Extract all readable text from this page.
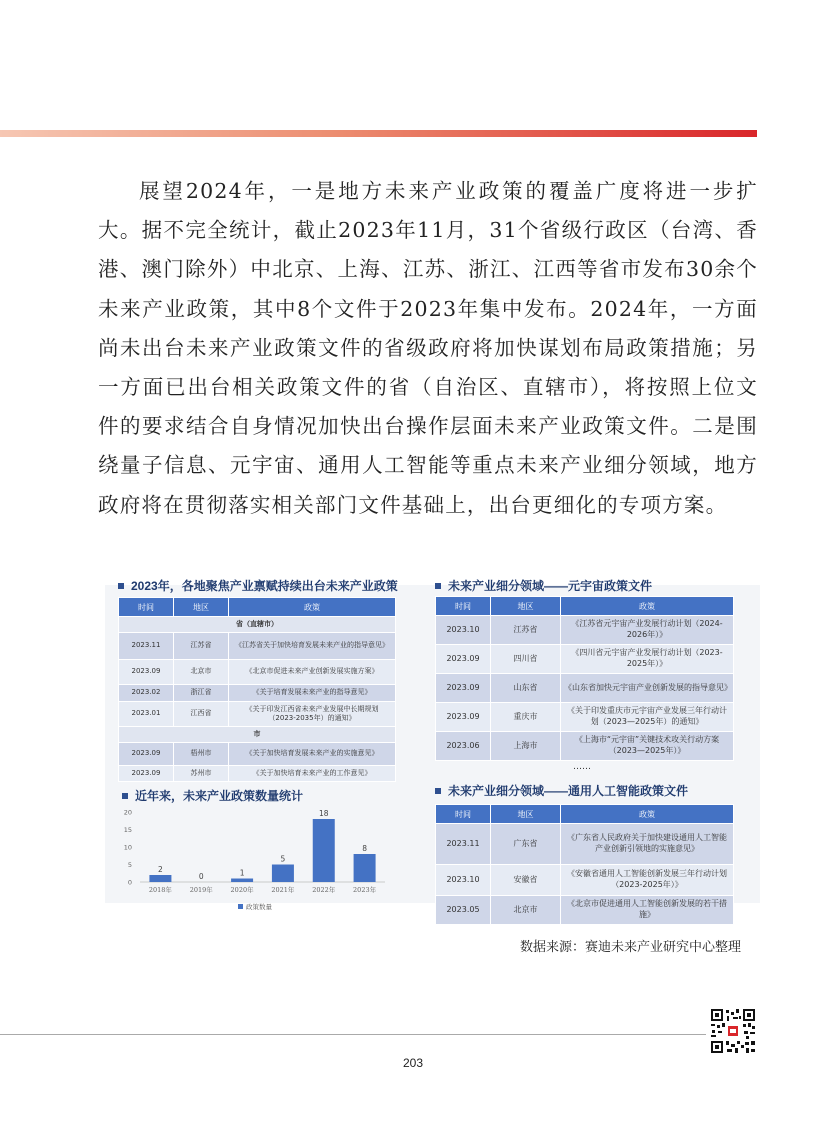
展望2024年，一是地方未来产业政策的覆盖广度将进一步扩大。据不完全统计，截止2023年11月，31个省级行政区（台湾、香港、澳门除外）中北京、上海、江苏、浙江、江西等省市发布30余个未来产业政策，其中8个文件于2023年集中发布。2024年，一方面尚未出台未来产业政策文件的省级政府将加快谋划布局政策措施；另一方面已出台相关政策文件的省（自治区、直辖市），将按照上位文件的要求结合自身情况加快出台操作层面未来产业政策文件。二是围绕量子信息、元宇宙、通用人工智能等重点未来产业细分领域，地方政府将在贯彻落实相关部门文件基础上，出台更细化的专项方案。

2023年，各地聚焦产业禀赋持续出台未来产业政策
时间	地区	政策
省（直辖市）		
2023.11	江苏省	《江苏省关于加快培育发展未来产业的指导意见》
2023.09	北京市	《北京市促进未来产业创新发展实施方案》
2023.02	浙江省	《关于培育发展未来产业的指导意见》
2023.01	江西省	《关于印发江西省未来产业发展中长期规划（2023-2035年）的通知》
市		
2023.09	梧州市	《关于加快培育发展未来产业的实施意见》
2023.09	苏州市	《关于加快培育未来产业的工作意见》
未来产业细分领域——元宇宙政策文件
时间	地区	政策
2023.10	江苏省	《江苏省元宇宙产业发展行动计划（2024-2026年）》
2023.09	四川省	《四川省元宇宙产业发展行动计划（2023-2025年）》
2023.09	山东省	《山东省加快元宇宙产业创新发展的指导意见》
2023.09	重庆市	《关于印发重庆市元宇宙产业发展三年行动计划（2023—2025年）的通知》
2023.06	上海市	《上海市“元宇宙”关键技术攻关行动方案（2023—2025年）》
……
未来产业细分领域——通用人工智能政策文件
时间	地区	政策
2023.11	广东省	《广东省人民政府关于加快建设通用人工智能产业创新引领地的实施意见》
2023.10	安徽省	《安徽省通用人工智能创新发展三年行动计划（2023-2025年）》
2023.05	北京市	《北京市促进通用人工智能创新发展的若干措施》
近年来，未来产业政策数量统计
0
5
10
15
20
2
2018年
0
2019年
1
2020年
5
2021年
18
2022年
8
2023年
政策数量
数据来源：赛迪未来产业研究中心整理
203
